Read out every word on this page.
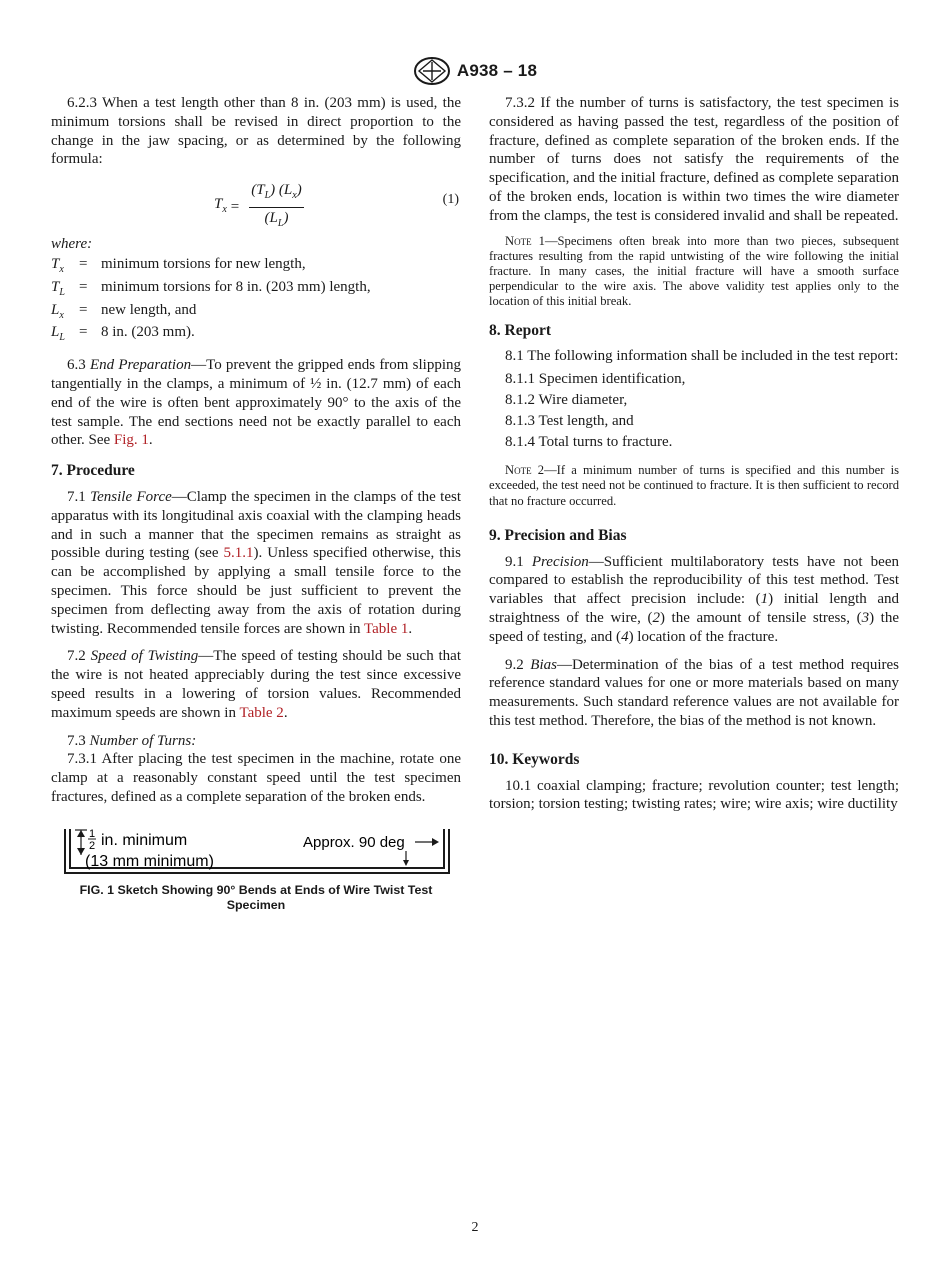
A938 – 18

6.2.3 When a test length other than 8 in. (203 mm) is used, the minimum torsions shall be revised in direct proportion to the change in the jaw spacing, or as determined by the following formula:

$T_x = \frac{(T_L) (L_x)}{(L_L)}$	(1)
where:
$T_x$	= minimum torsions for new length,
$T_L$ = minimum torsions for 8 in. (203 mm) length,
$L_x$	= new length, and
$L_L = 8$ in. (203 mm).

6.3 End Preparation—To prevent the gripped ends from slipping tangentially in the clamps, a minimum of ½ in. (12.7 mm) of each end of the wire is often bent approximately 90° to the axis of the test sample. The end sections need not be exactly parallel to each other. See Fig. 1.

7. Procedure

7.1 Tensile Force—Clamp the specimen in the clamps of the test apparatus with its longitudinal axis coaxial with the clamping heads and in such a manner that the specimen remains as straight as possible during testing (see 5.1.1). Unless specified otherwise, this can be accomplished by applying a small tensile force to the specimen. This force should be just sufficient to prevent the specimen from deflecting away from the axis of rotation during twisting. Recommended tensile forces are shown in Table 1.

7.2 Speed of Twisting—The speed of testing should be such that the wire is not heated appreciably during the test since excessive speed results in a lowering of torsion values. Recommended maximum speeds are shown in Table 2.

7.3 Number of Turns:

7.3.1 After placing the test specimen in the machine, rotate one clamp at a reasonably constant speed until the test specimen fractures, defined as a complete separation of the broken ends.

1
2 in. minimum
(13 mm minimum)
Approx. 90 deg
FIG. 1 Sketch Showing 90° Bends at Ends of Wire Twist Test Specimen

7.3.2 If the number of turns is satisfactory, the test specimen is considered as having passed the test, regardless of the position of fracture, defined as complete separation of the broken ends. If the number of turns does not satisfy the requirements of the specification, and the initial fracture, defined as complete separation of the broken ends, location is within two times the wire diameter from the clamps, the test is considered invalid and shall be repeated.

Note 1—Specimens often break into more than two pieces, subsequent fractures resulting from the rapid untwisting of the wire following the initial fracture. In many cases, the initial fracture will have a smooth surface perpendicular to the wire axis. The above validity test applies only to the location of this initial break.

8. Report

8.1 The following information shall be included in the test report:

8.1.1 Specimen identification,
8.1.2 Wire diameter,
8.1.3 Test length, and
8.1.4 Total turns to fracture.

Note 2—If a minimum number of turns is specified and this number is exceeded, the test need not be continued to fracture. It is then sufficient to record that no fracture occurred.

9. Precision and Bias

9.1 Precision—Sufficient multilaboratory tests have not been compared to establish the reproducibility of this test method. Test variables that affect precision include: (1) initial length and straightness of the wire, (2) the amount of tensile stress, (3) the speed of testing, and (4) location of the fracture.

9.2 Bias—Determination of the bias of a test method requires reference standard values for one or more materials based on many measurements. Such standard reference values are not available for this test method. Therefore, the bias of the method is not known.

10. Keywords

10.1 coaxial clamping; fracture; revolution counter; test length; torsion; torsion testing; twisting rates; wire; wire axis; wire ductility

2
